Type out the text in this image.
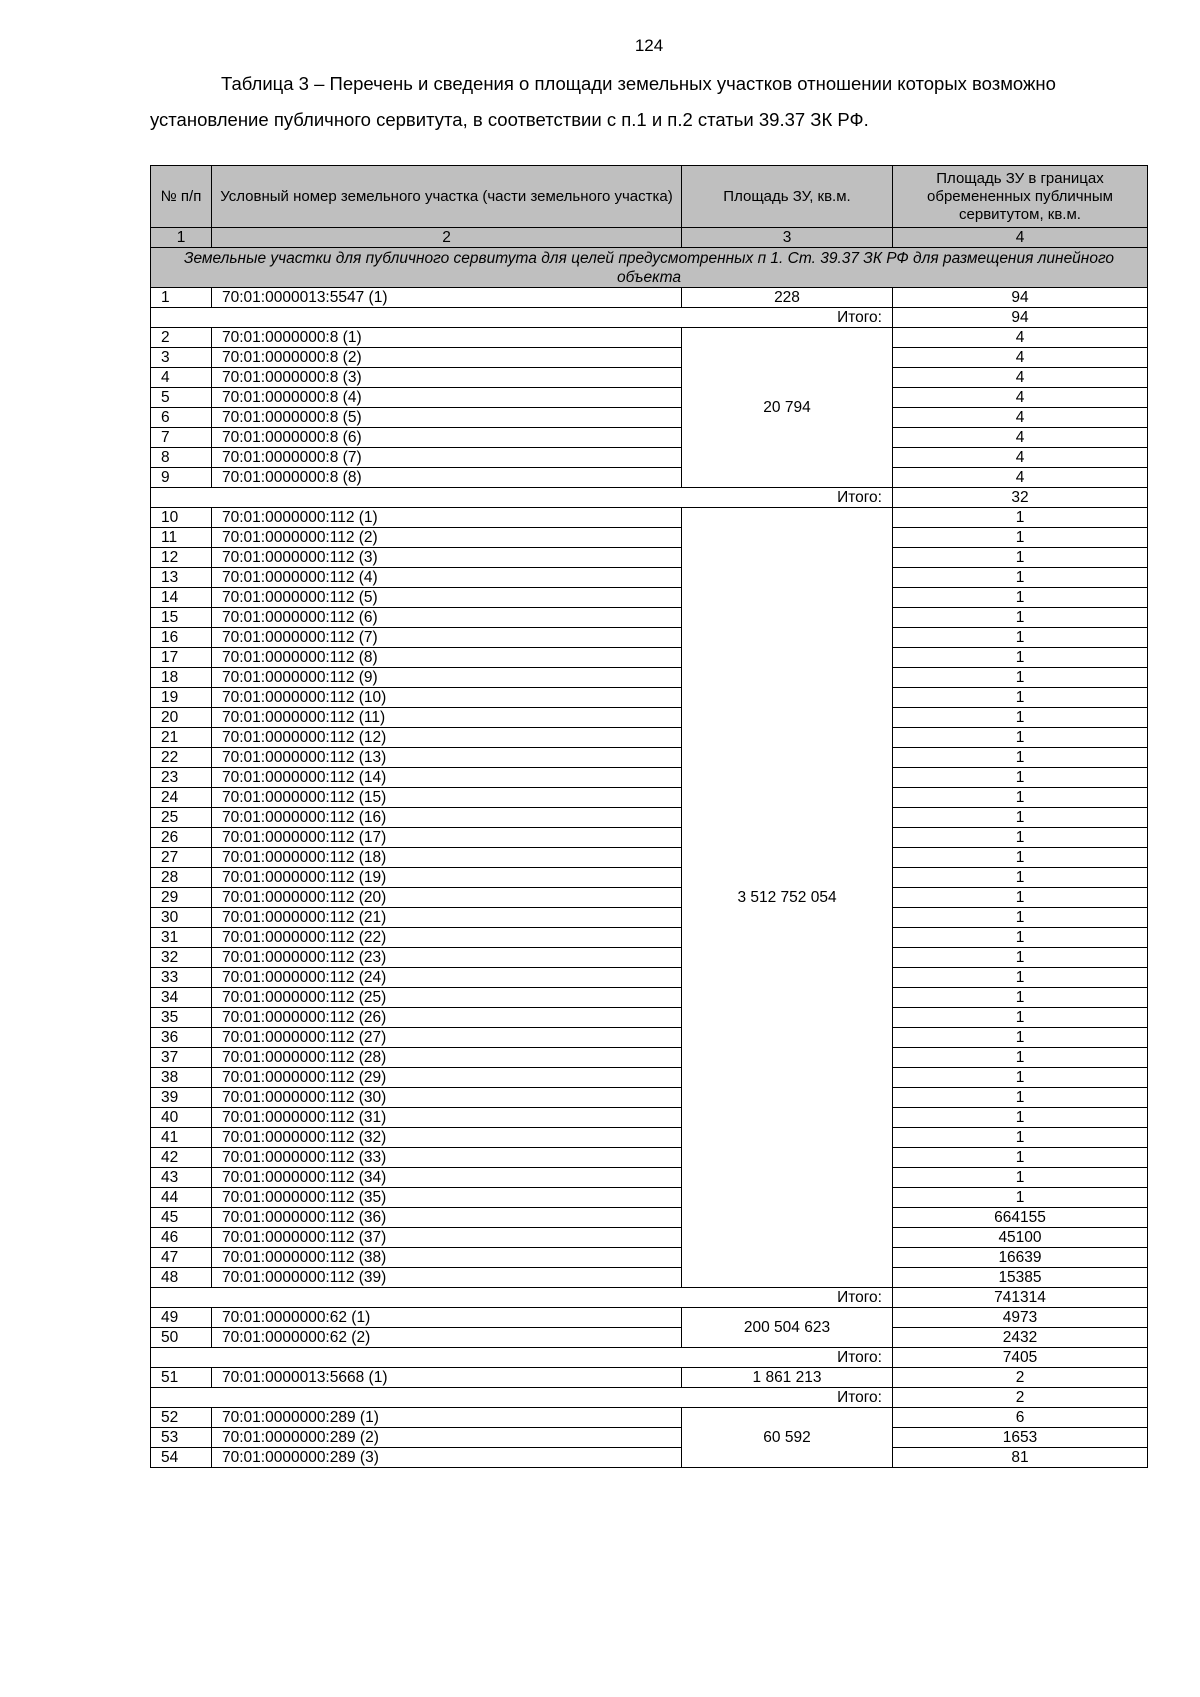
124

Таблица 3 – Перечень и сведения о площади земельных участков отношении которых возможно установление публичного сервитута, в соответствии с п.1 и п.2 статьи 39.37 ЗК РФ.

№ п/п	Условный номер земельного участка (части земельного участка)	Площадь ЗУ, кв.м.	Площадь ЗУ в границах обремененных публичным сервитутом, кв.м.
1	2	3	4
Земельные участки для публичного сервитута для целей предусмотренных п 1. Ст. 39.37 ЗК РФ для размещения линейного объекта			
1	70:01:0000013:5547 (1)	228	94
Итого:			94
2	70:01:0000000:8 (1)	20 794	4
3	70:01:0000000:8 (2)		4
4	70:01:0000000:8 (3)		4
5	70:01:0000000:8 (4)		4
6	70:01:0000000:8 (5)		4
7	70:01:0000000:8 (6)		4
8	70:01:0000000:8 (7)		4
9	70:01:0000000:8 (8)		4
Итого:			32
10	70:01:0000000:112 (1)	3 512 752 054	1
11	70:01:0000000:112 (2)		1
12	70:01:0000000:112 (3)		1
13	70:01:0000000:112 (4)		1
14	70:01:0000000:112 (5)		1
15	70:01:0000000:112 (6)		1
16	70:01:0000000:112 (7)		1
17	70:01:0000000:112 (8)		1
18	70:01:0000000:112 (9)		1
19	70:01:0000000:112 (10)		1
20	70:01:0000000:112 (11)		1
21	70:01:0000000:112 (12)		1
22	70:01:0000000:112 (13)		1
23	70:01:0000000:112 (14)		1
24	70:01:0000000:112 (15)		1
25	70:01:0000000:112 (16)		1
26	70:01:0000000:112 (17)		1
27	70:01:0000000:112 (18)		1
28	70:01:0000000:112 (19)		1
29	70:01:0000000:112 (20)		1
30	70:01:0000000:112 (21)		1
31	70:01:0000000:112 (22)		1
32	70:01:0000000:112 (23)		1
33	70:01:0000000:112 (24)		1
34	70:01:0000000:112 (25)		1
35	70:01:0000000:112 (26)		1
36	70:01:0000000:112 (27)		1
37	70:01:0000000:112 (28)		1
38	70:01:0000000:112 (29)		1
39	70:01:0000000:112 (30)		1
40	70:01:0000000:112 (31)		1
41	70:01:0000000:112 (32)		1
42	70:01:0000000:112 (33)		1
43	70:01:0000000:112 (34)		1
44	70:01:0000000:112 (35)		1
45	70:01:0000000:112 (36)		664155
46	70:01:0000000:112 (37)		45100
47	70:01:0000000:112 (38)		16639
48	70:01:0000000:112 (39)		15385
Итого:			741314
49	70:01:0000000:62 (1)	200 504 623	4973
50	70:01:0000000:62 (2)		2432
Итого:			7405
51	70:01:0000013:5668 (1)	1 861 213	2
Итого:			2
52	70:01:0000000:289 (1)	60 592	6
53	70:01:0000000:289 (2)		1653
54	70:01:0000000:289 (3)		81
